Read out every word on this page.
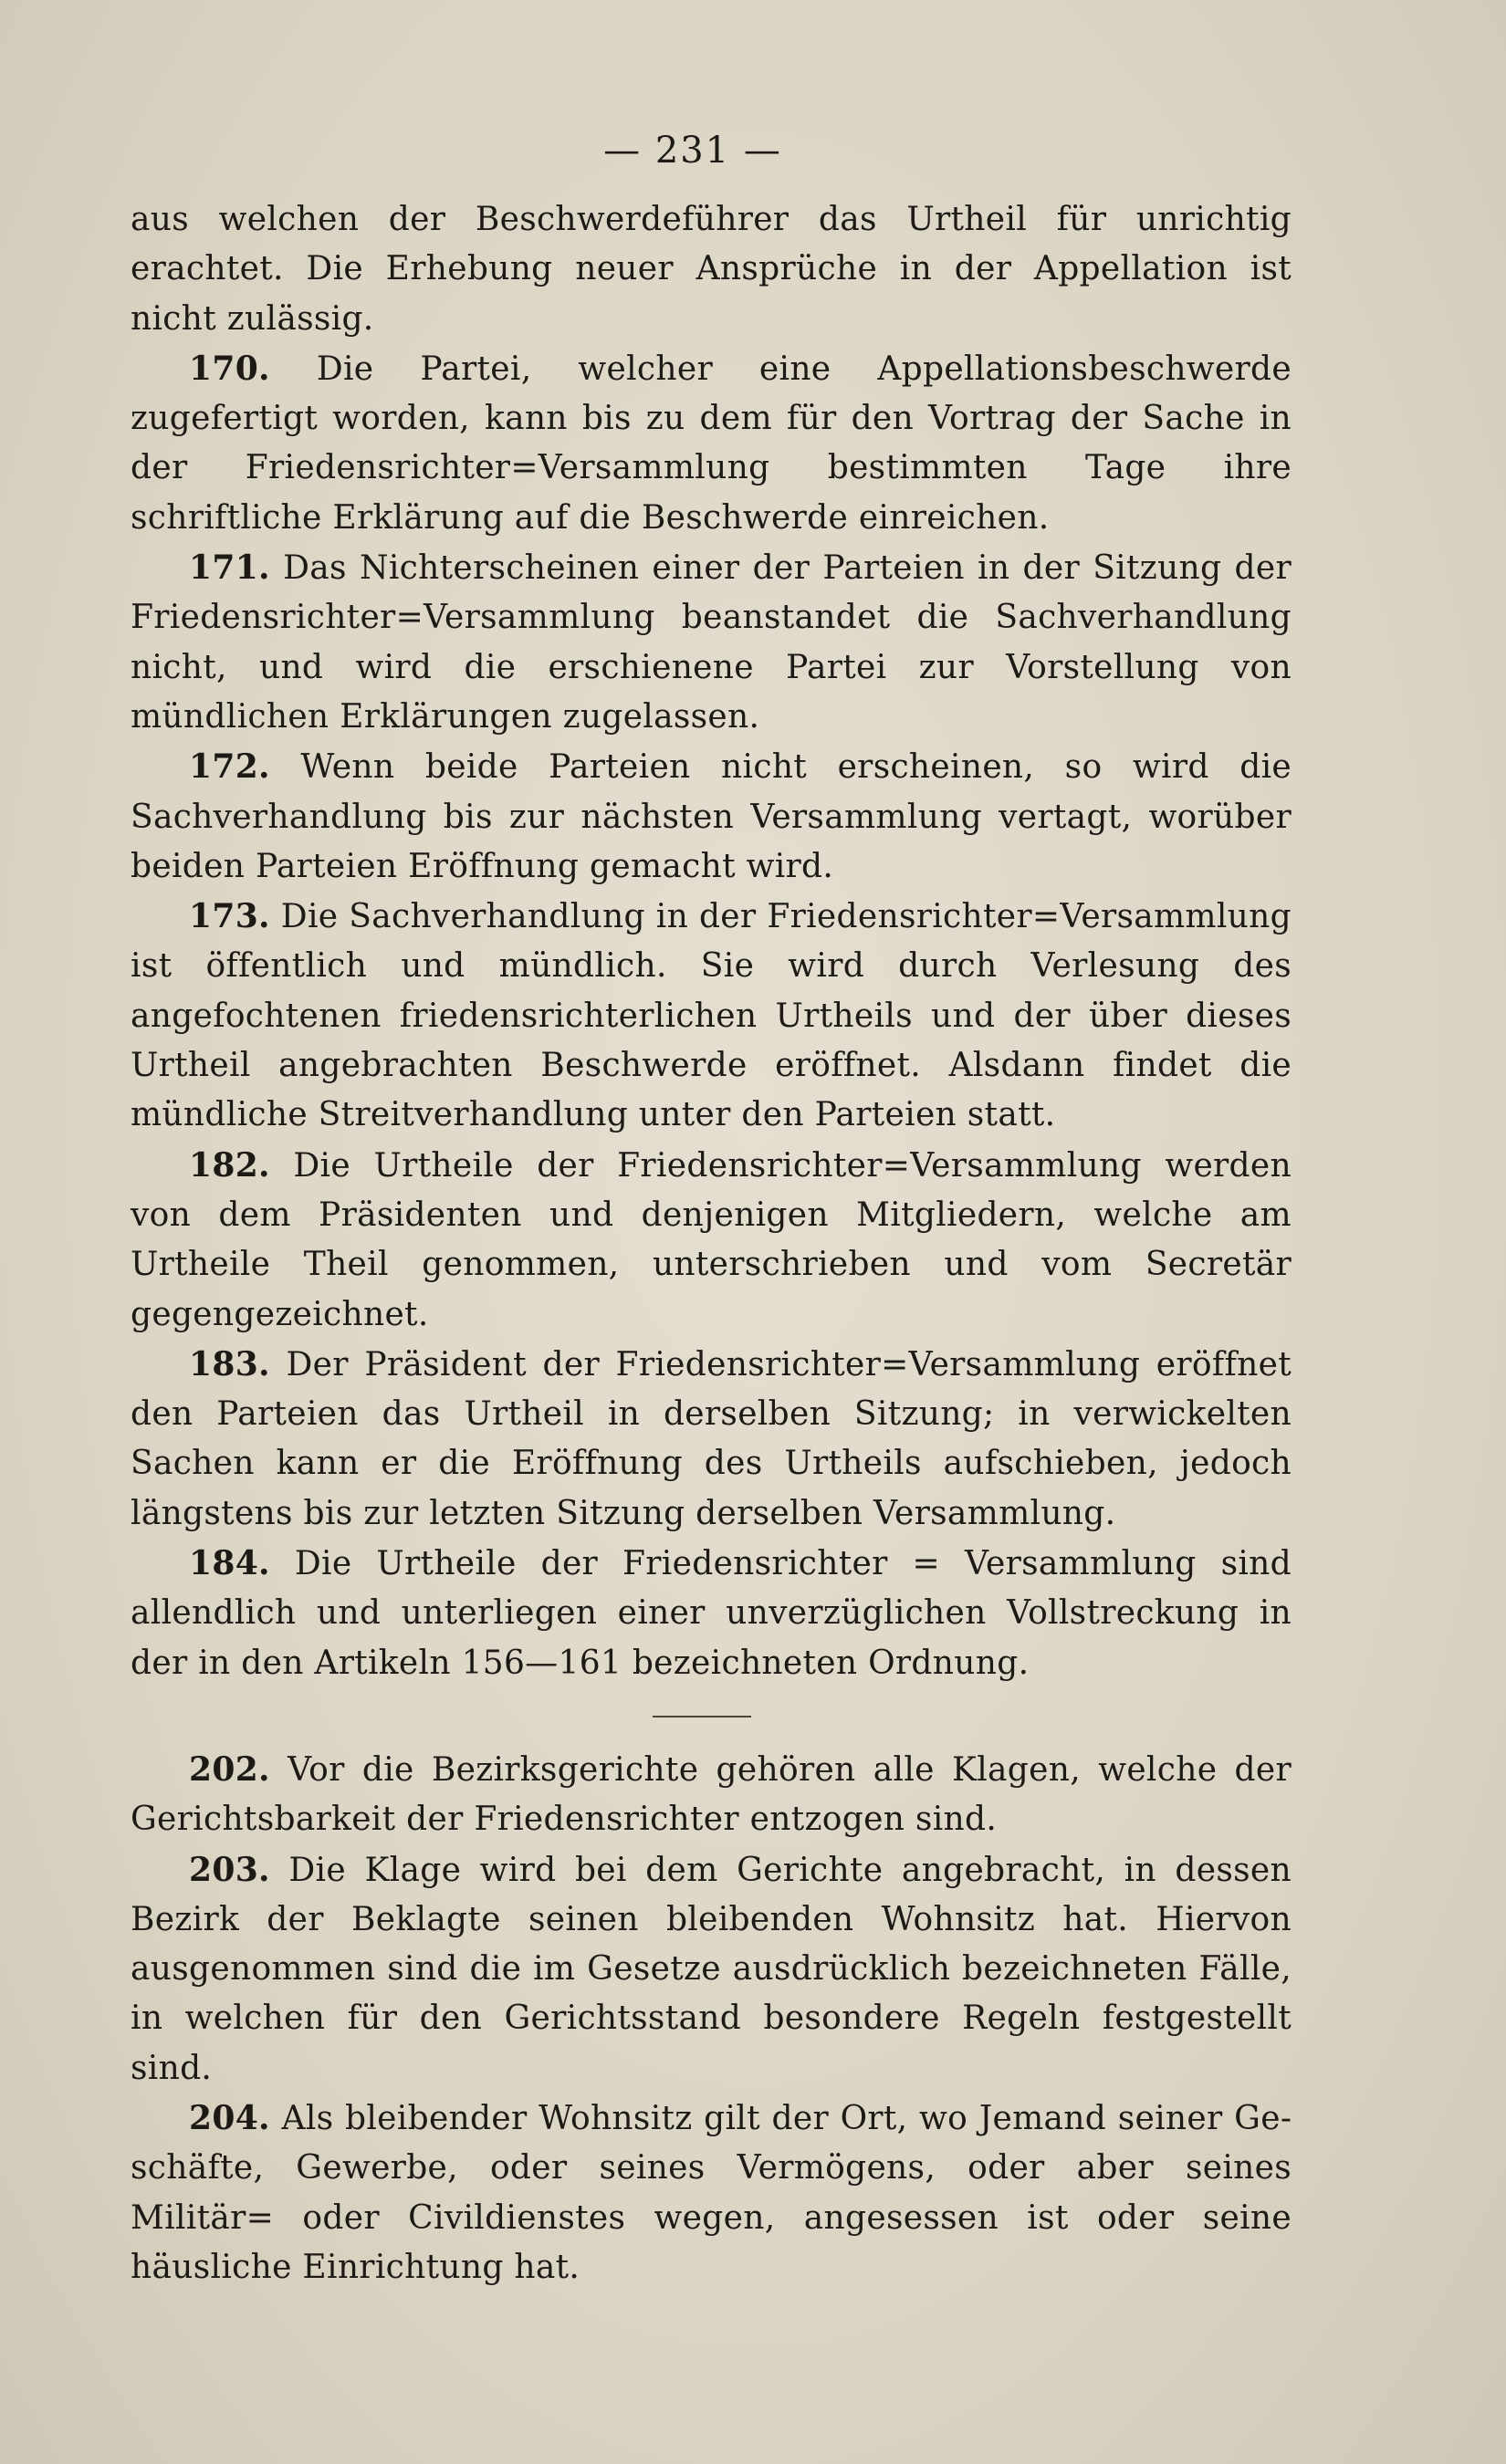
— 231 —

aus welchen der Beschwerdeführer das Urtheil für unrichtig erachtet. Die Erhebung neuer Ansprüche in der Appellation ist nicht zulässig.

170. Die Partei, welcher eine Appellationsbeschwerde zugefertigt worden, kann bis zu dem für den Vortrag der Sache in der Friedensrichter=Versammlung bestimmten Tage ihre schriftliche Erklärung auf die Beschwerde einreichen.

171. Das Nichterscheinen einer der Parteien in der Sitzung der Friedensrichter=Versammlung beanstandet die Sachverhandlung nicht, und wird die erschienene Partei zur Vorstellung von mündlichen Erklärungen zugelassen.

172. Wenn beide Parteien nicht erscheinen, so wird die Sachverhandlung bis zur nächsten Versammlung vertagt, worüber beiden Parteien Eröffnung gemacht wird.

173. Die Sachverhandlung in der Friedensrichter=Versammlung ist öffentlich und mündlich. Sie wird durch Verlesung des angefochtenen friedensrichterlichen Urtheils und der über dieses Urtheil angebrachten Beschwerde eröffnet. Alsdann findet die mündliche Streitverhandlung unter den Parteien statt.

182. Die Urtheile der Friedensrichter=Versammlung werden von dem Präsidenten und denjenigen Mitgliedern, welche am Urtheile Theil genommen, unterschrieben und vom Secretär gegengezeichnet.

183. Der Präsident der Friedensrichter=Versammlung eröffnet den Parteien das Urtheil in derselben Sitzung; in verwickelten Sachen kann er die Eröffnung des Urtheils aufschieben, jedoch längstens bis zur letzten Sitzung derselben Versammlung.

184. Die Urtheile der Friedensrichter = Versammlung sind allendlich und unterliegen einer unverzüglichen Vollstreckung in der in den Artikeln 156—161 bezeichneten Ordnung.

202. Vor die Bezirksgerichte gehören alle Klagen, welche der Gerichtsbarkeit der Friedensrichter entzogen sind.

203. Die Klage wird bei dem Gerichte angebracht, in dessen Bezirk der Beklagte seinen bleibenden Wohnsitz hat. Hiervon ausgenommen sind die im Gesetze ausdrücklich bezeichneten Fälle, in welchen für den Gerichtsstand besondere Regeln festgestellt sind.

204. Als bleibender Wohnsitz gilt der Ort, wo Jemand seiner Geschäfte, Gewerbe, oder seines Vermögens, oder aber seines Militär= oder Civildienstes wegen, angesessen ist oder seine häusliche Einrichtung hat.
